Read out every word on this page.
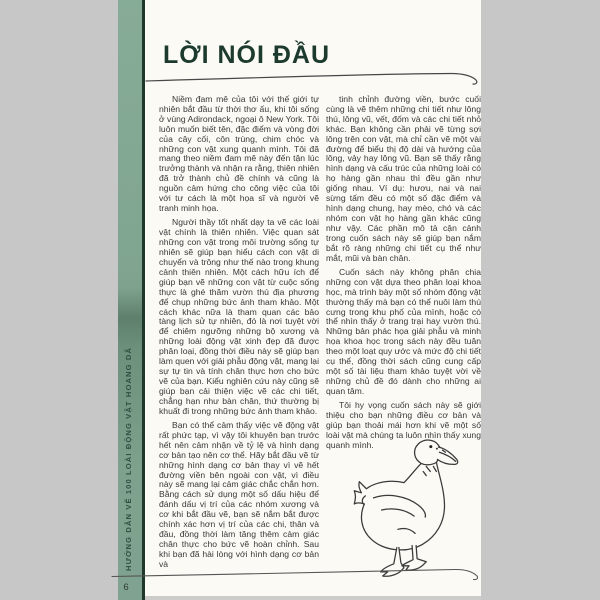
HƯỚNG DẪN VẼ 100 LOÀI ĐỘNG VẬT HOANG DÃ
6
LỜI NÓI ĐẦU

Niềm đam mê của tôi với thế giới tự nhiên bắt đầu từ thời thơ ấu, khi tôi sống ở vùng Adirondack, ngoại ô New York. Tôi luôn muốn biết tên, đặc điểm và vòng đời của cây cối, côn trùng, chim chóc và những con vật xung quanh mình. Tôi đã mang theo niềm đam mê này đến tận lúc trưởng thành và nhận ra rằng, thiên nhiên đã trở thành chủ đề chính và cũng là nguồn cảm hứng cho công việc của tôi với tư cách là một họa sĩ và người vẽ tranh minh họa.

Người thầy tốt nhất dạy ta vẽ các loài vật chính là thiên nhiên. Việc quan sát những con vật trong môi trường sống tự nhiên sẽ giúp bạn hiểu cách con vật di chuyển và trông như thế nào trong khung cảnh thiên nhiên. Một cách hữu ích để giúp bạn vẽ những con vật từ cuộc sống thực là ghé thăm vườn thú địa phương để chụp những bức ảnh tham khảo. Một cách khác nữa là tham quan các bảo tàng lịch sử tự nhiên, đó là nơi tuyệt vời để chiêm ngưỡng những bộ xương và những loài động vật xinh đẹp đã được phân loại, đồng thời điều này sẽ giúp bạn làm quen với giải phẫu động vật, mang lại sự tự tin và tính chân thực hơn cho bức vẽ của bạn. Kiểu nghiên cứu này cũng sẽ giúp bạn cải thiện việc vẽ các chi tiết, chẳng hạn như bàn chân, thứ thường bị khuất đi trong những bức ảnh tham khảo.

Bạn có thể cảm thấy việc vẽ động vật rất phức tạp, vì vậy tôi khuyên bạn trước hết nên cảm nhận về tỷ lệ và hình dạng cơ bản tạo nên cơ thể. Hãy bắt đầu vẽ từ những hình dạng cơ bản thay vì vẽ hết đường viền bên ngoài con vật, vì điều này sẽ mang lại cảm giác chắc chắn hơn. Bằng cách sử dụng một số dấu hiệu để đánh dấu vị trí của các nhóm xương và cơ khi bắt đầu vẽ, bạn sẽ nắm bắt được chính xác hơn vị trí của các chi, thân và đầu, đồng thời làm tăng thêm cảm giác chân thực cho bức vẽ hoàn chỉnh. Sau khi bạn đã hài lòng với hình dạng cơ bản và

tinh chỉnh đường viền, bước cuối cùng là vẽ thêm những chi tiết như lông thú, lông vũ, vết, đốm và các chi tiết nhỏ khác. Bạn không cần phải vẽ từng sợi lông trên con vật, mà chỉ cần vẽ một vài đường để biểu thị độ dài và hướng của lông, vảy hay lông vũ. Bạn sẽ thấy rằng hình dạng và cấu trúc của những loài có họ hàng gần nhau thì đều gần như giống nhau. Ví dụ: hươu, nai và nai sừng tấm đều có một số đặc điểm và hình dạng chung, hay mèo, chó và các nhóm con vật họ hàng gần khác cũng như vậy. Các phần mô tả cận cảnh trong cuốn sách này sẽ giúp bạn nắm bắt rõ ràng những chi tiết cụ thể như mắt, mũi và bàn chân.

Cuốn sách này không phân chia những con vật dựa theo phân loại khoa học, mà trình bày một số nhóm động vật thường thấy mà bạn có thể nuôi làm thú cưng trong khu phố của mình, hoặc có thể nhìn thấy ở trang trại hay vườn thú. Những bản phác họa giải phẫu và minh họa khoa học trong sách này đều tuân theo một loạt quy ước và mức độ chi tiết cụ thể, đồng thời sách cũng cung cấp một số tài liệu tham khảo tuyệt vời về những chủ đề đó dành cho những ai quan tâm.

Tôi hy vọng cuốn sách này sẽ giới thiệu cho bạn những điều cơ bản và giúp bạn thoải mái hơn khi vẽ một số loài vật mà chúng ta luôn nhìn thấy xung quanh mình.
